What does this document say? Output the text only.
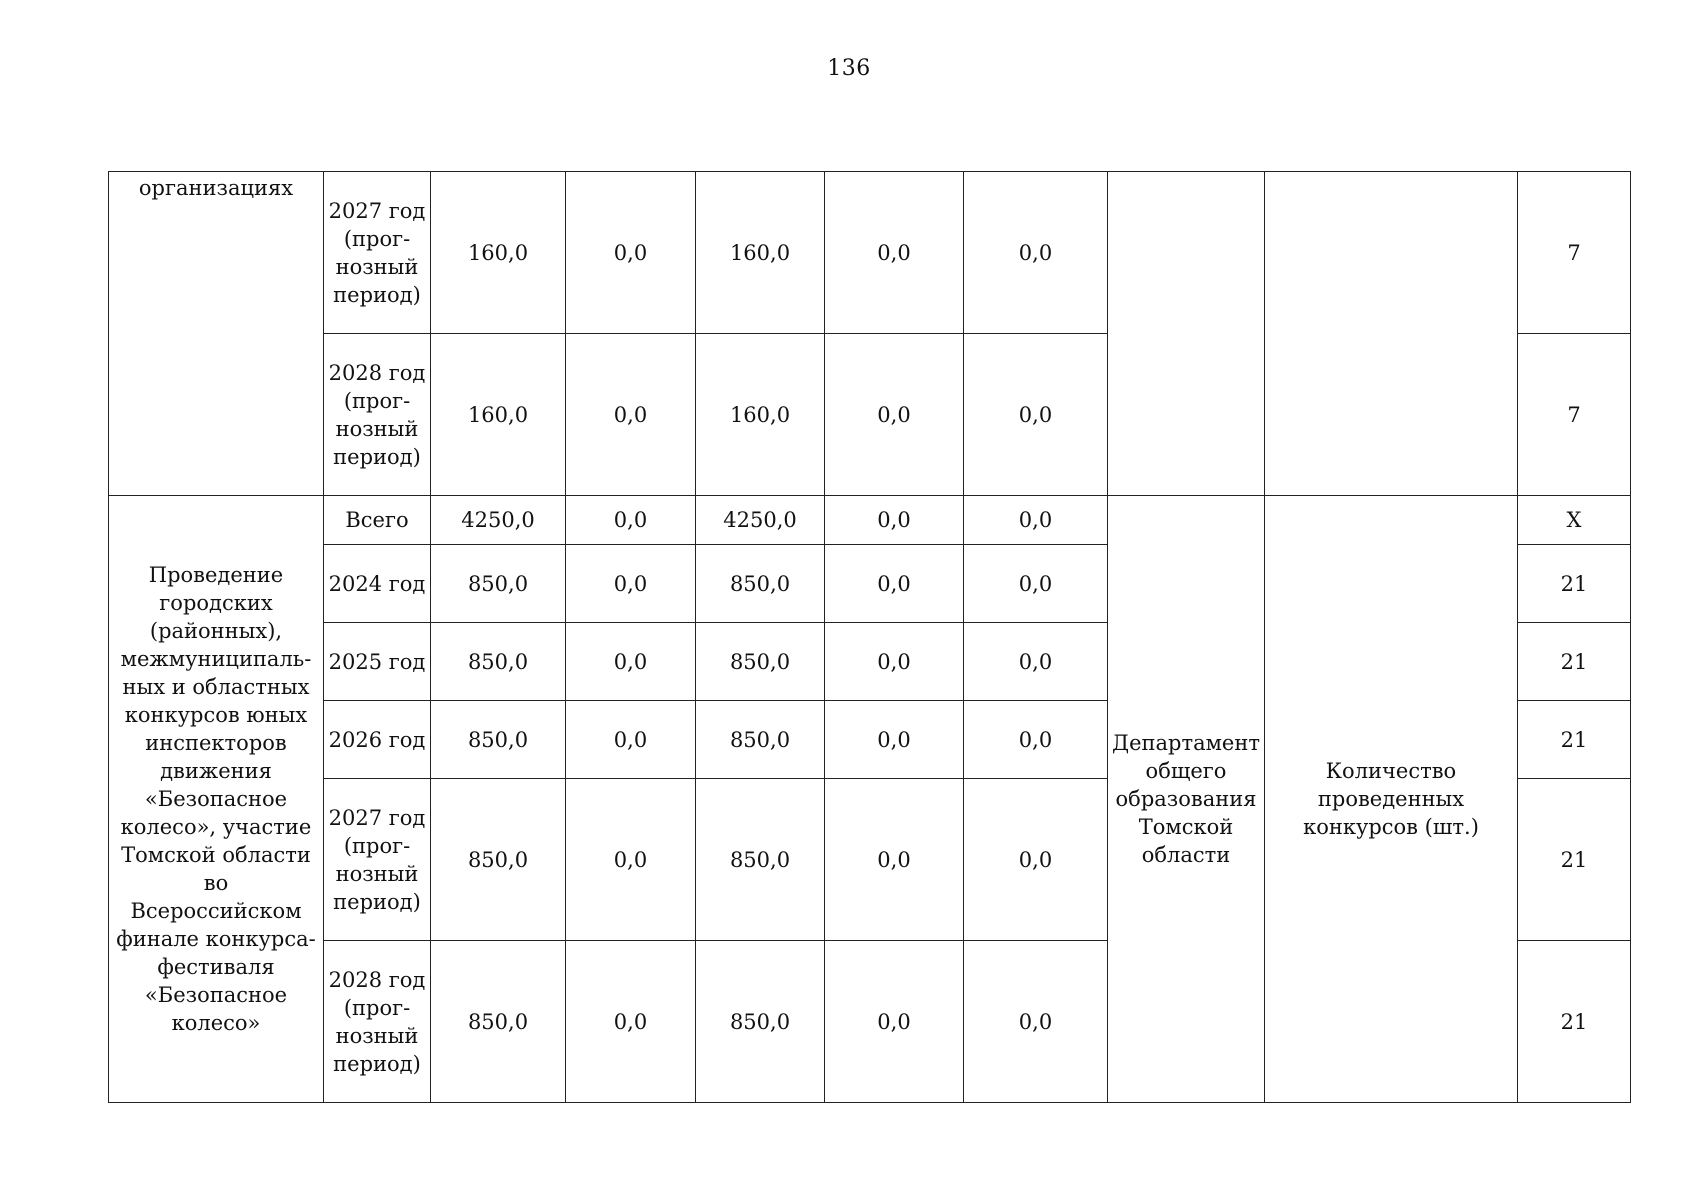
136
организациях	2027 год (прог-нозный период)	160,0	0,0	160,0	0,0	0,0			7
	2028 год (прог-нозный период)	160,0	0,0	160,0	0,0	0,0			7
Проведение городских (районных), межмуниципаль-ных и областных конкурсов юных инспекторов движения «Безопасное колесо», участие Томской области во Всероссийском финале конкурса-фестиваля «Безопасное колесо»	Всего	4250,0	0,0	4250,0	0,0	0,0	Департамент общего образования Томской области	Количество проведенных конкурсов (шт.)	X
	2024 год	850,0	0,0	850,0	0,0	0,0			21
	2025 год	850,0	0,0	850,0	0,0	0,0			21
	2026 год	850,0	0,0	850,0	0,0	0,0			21
	2027 год (прог-нозный период)	850,0	0,0	850,0	0,0	0,0			21
	2028 год (прог-нозный период)	850,0	0,0	850,0	0,0	0,0			21
